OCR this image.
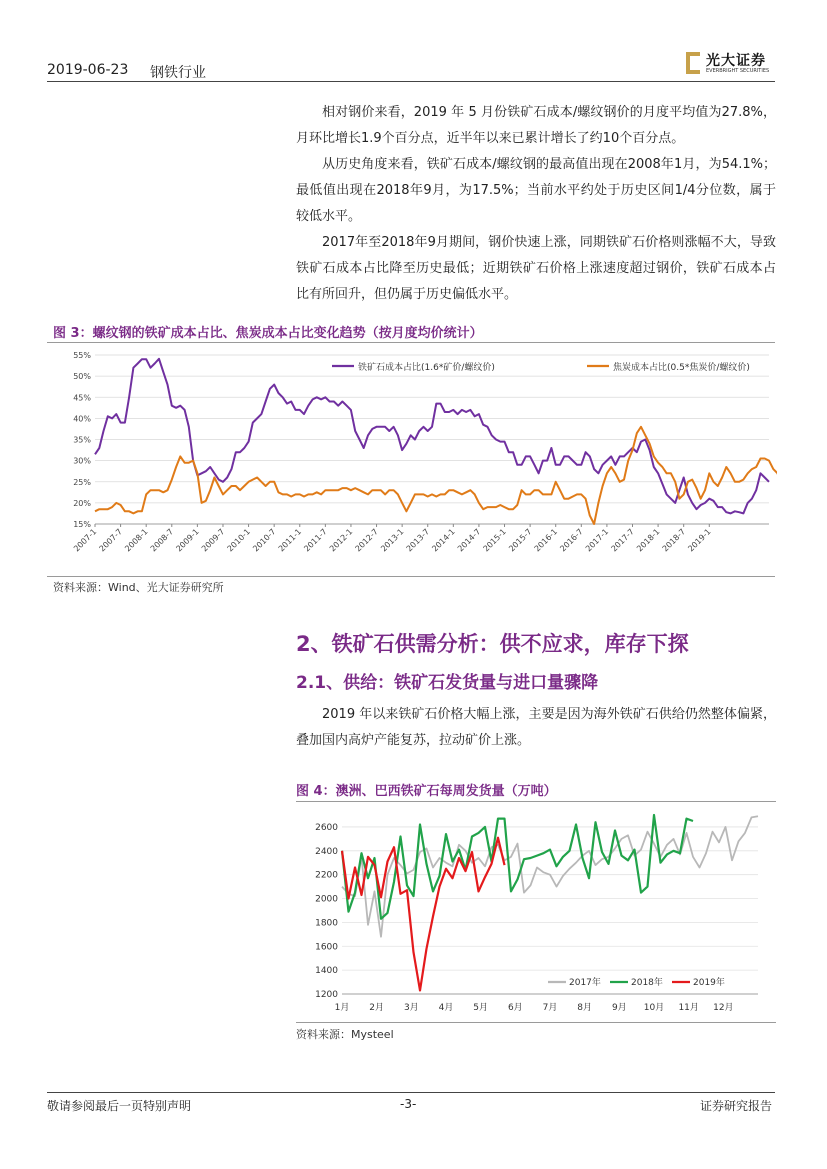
2019-06-23 钢铁行业
光大证券
EVERBRIGHT SECURITIES
相对钢价来看，2019 年 5 月份铁矿石成本/螺纹钢价的月度平均值为27.8%，月环比增长1.9个百分点，近半年以来已累计增长了约10个百分点。
从历史角度来看，铁矿石成本/螺纹钢的最高值出现在2008年1月，为54.1%；最低值出现在2018年9月，为17.5%；当前水平约处于历史区间1/4分位数，属于较低水平。
2017年至2018年9月期间，钢价快速上涨，同期铁矿石价格则涨幅不大，导致铁矿石成本占比降至历史最低；近期铁矿石价格上涨速度超过钢价，铁矿石成本占比有所回升，但仍属于历史偏低水平。
图 3：螺纹钢的铁矿成本占比、焦炭成本占比变化趋势（按月度均价统计）
15%
20%
25%
30%
35%
40%
45%
50%
55%
2007-1 2007-7 2008-1 2008-7 2009-1 2009-7 2010-1 2010-7 2011-1 2011-7 2012-1 2012-7 2013-1 2013-7 2014-1 2014-7 2015-1 2015-7 2016-1 2016-7 2017-1 2017-7 2018-1 2018-7 2019-1
铁矿石成本占比(1.6*矿价/螺纹价)	焦炭成本占比(0.5*焦炭价/螺纹价)
资料来源：Wind、光大证券研究所
2、铁矿石供需分析：供不应求，库存下探
2.1、供给：铁矿石发货量与进口量骤降
2019 年以来铁矿石价格大幅上涨，主要是因为海外铁矿石供给仍然整体偏紧，叠加国内高炉产能复苏，拉动矿价上涨。
图 4：澳洲、巴西铁矿石每周发货量（万吨）
1200
1400
1600
1800
2000
2200
2400
2600
1月 2月 3月 4月 5月 6月 7月 8月 9月 10月 11月 12月
2017年	2018年	2019年
资料来源：Mysteel
敬请参阅最后一页特别声明	-3-	证券研究报告
